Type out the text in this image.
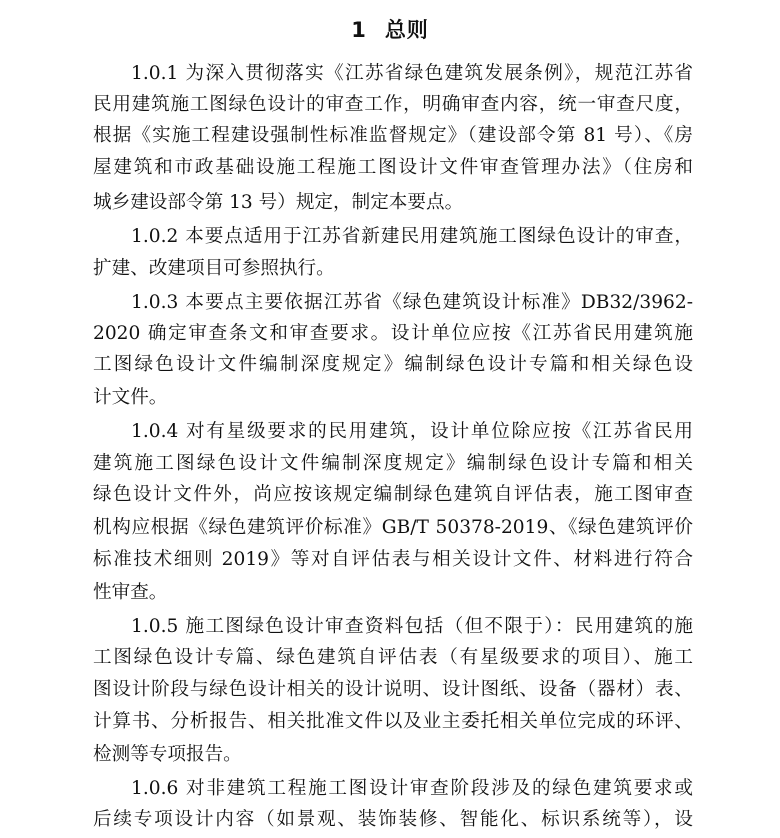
1 总则
1.0.1 为深入贯彻落实《江苏省绿色建筑发展条例》，规范江苏省
民用建筑施工图绿色设计的审查工作，明确审查内容，统一审查尺度，
根据《实施工程建设强制性标准监督规定》（建设部令第 81 号）、《房
屋建筑和市政基础设施工程施工图设计文件审查管理办法》（住房和
城乡建设部令第 13 号）规定，制定本要点。
1.0.2 本要点适用于江苏省新建民用建筑施工图绿色设计的审查，
扩建、改建项目可参照执行。
1.0.3 本要点主要依据江苏省《绿色建筑设计标准》DB32/3962-
2020 确定审查条文和审查要求。设计单位应按《江苏省民用建筑施
工图绿色设计文件编制深度规定》编制绿色设计专篇和相关绿色设
计文件。
1.0.4 对有星级要求的民用建筑，设计单位除应按《江苏省民用
建筑施工图绿色设计文件编制深度规定》编制绿色设计专篇和相关
绿色设计文件外，尚应按该规定编制绿色建筑自评估表，施工图审查
机构应根据《绿色建筑评价标准》GB/T 50378-2019、《绿色建筑评价
标准技术细则 2019》等对自评估表与相关设计文件、材料进行符合
性审查。
1.0.5 施工图绿色设计审查资料包括（但不限于）：民用建筑的施
工图绿色设计专篇、绿色建筑自评估表（有星级要求的项目）、施工
图设计阶段与绿色设计相关的设计说明、设计图纸、设备（器材）表、
计算书、分析报告、相关批准文件以及业主委托相关单位完成的环评、
检测等专项报告。
1.0.6 对非建筑工程施工图设计审查阶段涉及的绿色建筑要求或
后续专项设计内容（如景观、装饰装修、智能化、标识系统等），设
